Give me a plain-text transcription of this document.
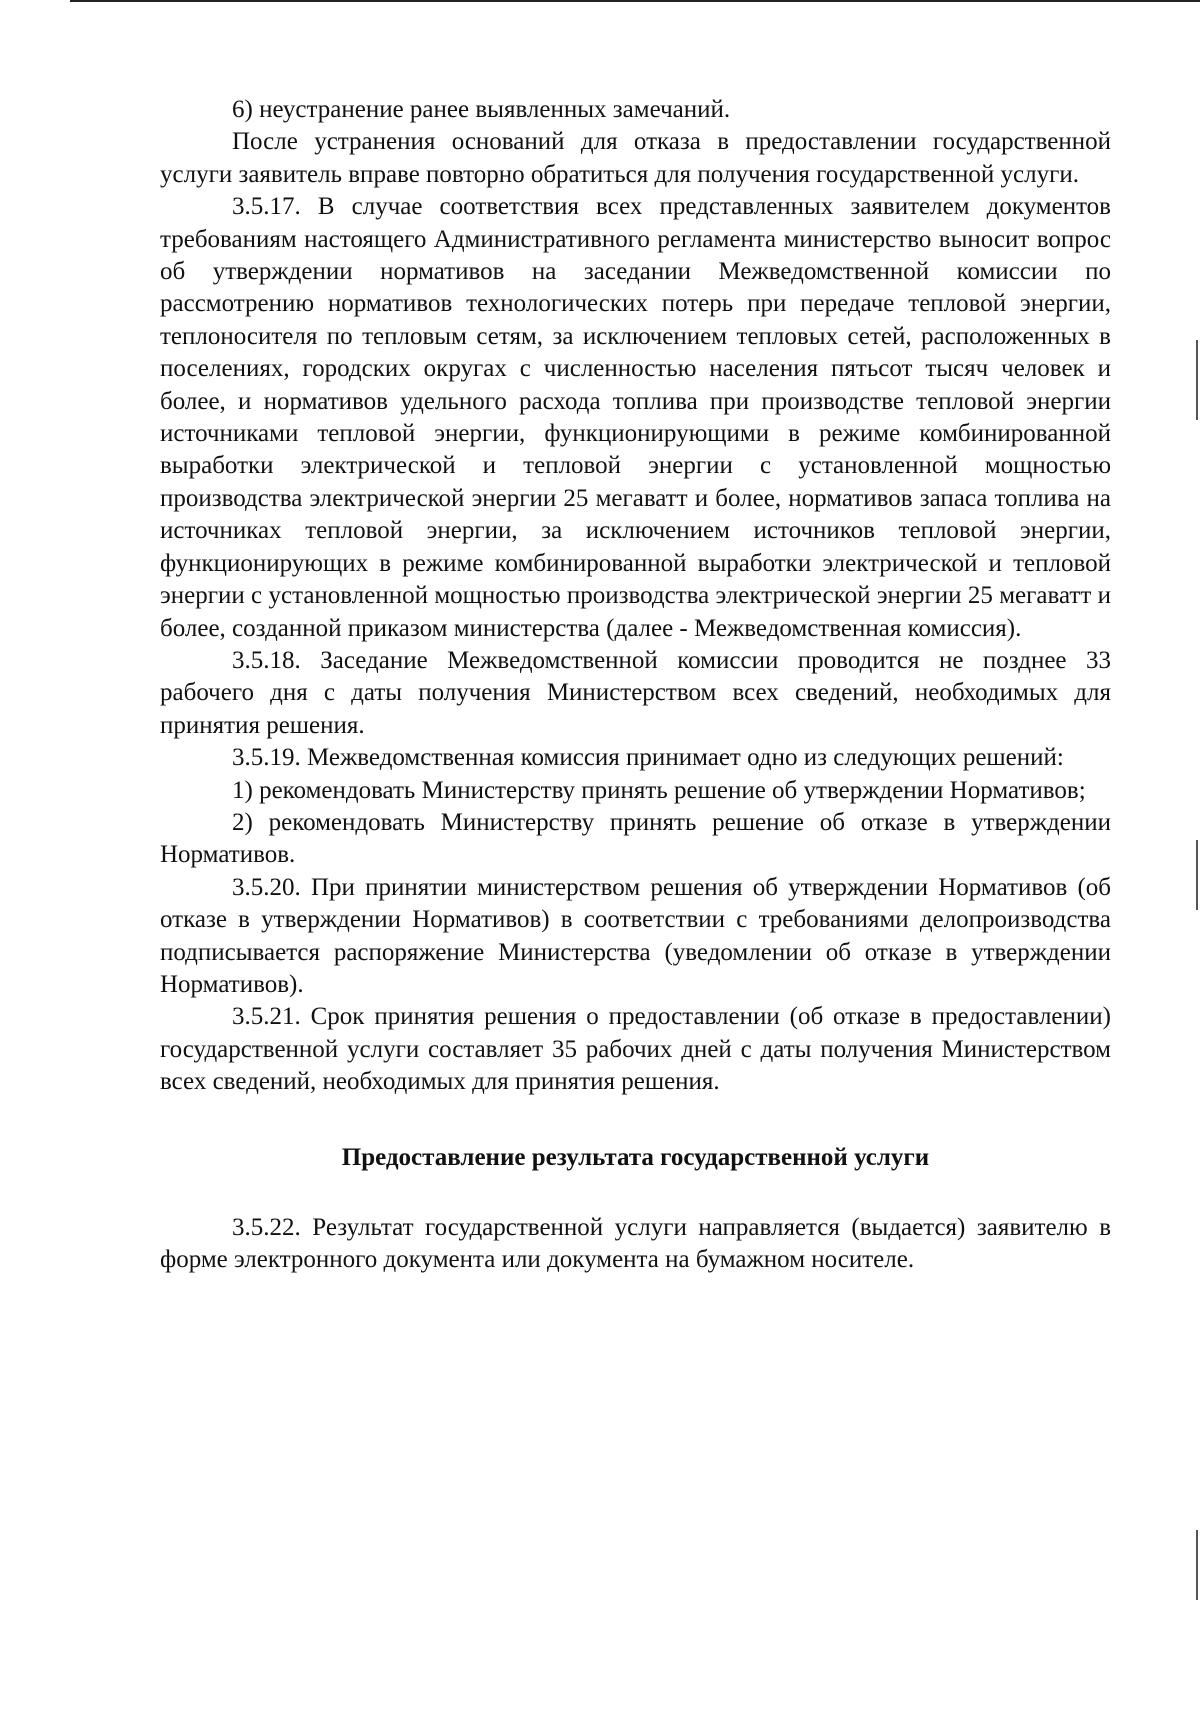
6) неустранение ранее выявленных замечаний.

После устранения оснований для отказа в предоставлении государственной услуги заявитель вправе повторно обратиться для получения государственной услуги.

3.5.17. В случае соответствия всех представленных заявителем документов требованиям настоящего Административного регламента министерство выносит вопрос об утверждении нормативов на заседании Межведомственной комиссии по рассмотрению нормативов технологических потерь при передаче тепловой энергии, теплоносителя по тепловым сетям, за исключением тепловых сетей, расположенных в поселениях, городских округах с численностью населения пятьсот тысяч человек и более, и нормативов удельного расхода топлива при производстве тепловой энергии источниками тепловой энергии, функционирующими в режиме комбинированной выработки электрической и тепловой энергии с установленной мощностью производства электрической энергии 25 мегаватт и более, нормативов запаса топлива на источниках тепловой энергии, за исключением источников тепловой энергии, функционирующих в режиме комбинированной выработки электрической и тепловой энергии с установленной мощностью производства электрической энергии 25 мегаватт и более, созданной приказом министерства (далее - Межведомственная комиссия).

3.5.18. Заседание Межведомственной комиссии проводится не позднее 33 рабочего дня с даты получения Министерством всех сведений, необходимых для принятия решения.

3.5.19. Межведомственная комиссия принимает одно из следующих решений:

1) рекомендовать Министерству принять решение об утверждении Нормативов;

2) рекомендовать Министерству принять решение об отказе в утверждении Нормативов.

3.5.20. При принятии министерством решения об утверждении Нормативов (об отказе в утверждении Нормативов) в соответствии с требованиями делопроизводства подписывается распоряжение Министерства (уведомлении об отказе в утверждении Нормативов).

3.5.21. Срок принятия решения о предоставлении (об отказе в предоставлении) государственной услуги составляет 35 рабочих дней с даты получения Министерством всех сведений, необходимых для принятия решения.

Предоставление результата государственной услуги

3.5.22. Результат государственной услуги направляется (выдается) заявителю в форме электронного документа или документа на бумажном носителе.
